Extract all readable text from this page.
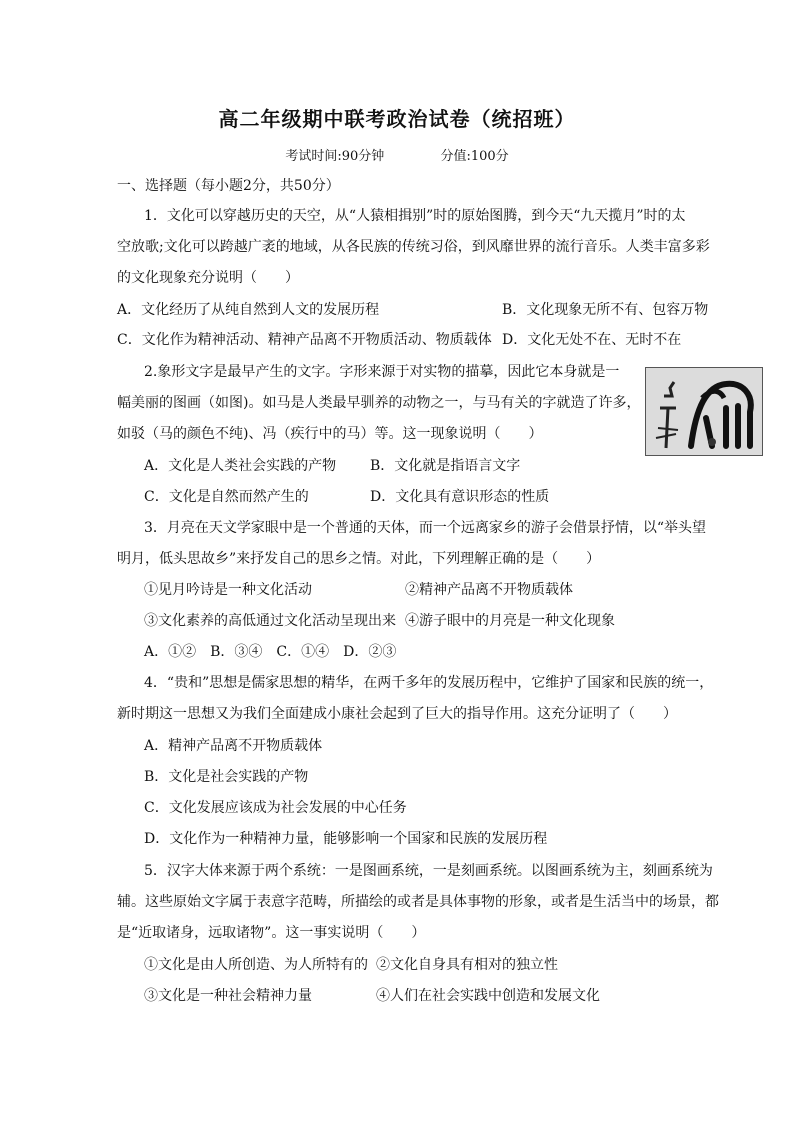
高二年级期中联考政治试卷（统招班）
考试时间:90分钟	分值:100分
一、选择题（每小题2分，共50分）
1．文化可以穿越历史的天空，从“人猿相揖别”时的原始图腾，到今天“九天揽月”时的太
空放歌;文化可以跨越广袤的地域，从各民族的传统习俗，到风靡世界的流行音乐。人类丰富多彩
的文化现象充分说明（　　）
A．文化经历了从纯自然到人文的发展历程	B．文化现象无所不有、包容万物
C．文化作为精神活动、精神产品离不开物质活动、物质载体 D．文化无处不在、无时不在
2.象形文字是最早产生的文字。字形来源于对实物的描摹，因此它本身就是一
幅美丽的图画（如图)。如马是人类最早驯养的动物之一，与马有关的字就造了许多，
如驳（马的颜色不纯)、冯（疾行中的马）等。这一现象说明（　　）
A．文化是人类社会实践的产物 B．文化就是指语言文字
C．文化是自然而然产生的	D．文化具有意识形态的性质
3．月亮在天文学家眼中是一个普通的天体，而一个远离家乡的游子会借景抒情，以“举头望
明月，低头思故乡”来抒发自己的思乡之情。对此，下列理解正确的是（　　）
①见月吟诗是一种文化活动	②精神产品离不开物质载体
③文化素养的高低通过文化活动呈现出来 ④游子眼中的月亮是一种文化现象
A．①②　B．③④　C．①④　D．②③
4．“贵和”思想是儒家思想的精华，在两千多年的发展历程中，它维护了国家和民族的统一，
新时期这一思想又为我们全面建成小康社会起到了巨大的指导作用。这充分证明了（　　）
A．精神产品离不开物质载体
B．文化是社会实践的产物
C．文化发展应该成为社会发展的中心任务
D．文化作为一种精神力量，能够影响一个国家和民族的发展历程
5．汉字大体来源于两个系统：一是图画系统，一是刻画系统。以图画系统为主，刻画系统为
辅。这些原始文字属于表意字范畴，所描绘的或者是具体事物的形象，或者是生活当中的场景，都
是“近取诸身，远取诸物”。这一事实说明（　　）
①文化是由人所创造、为人所特有的 ②文化自身具有相对的独立性
③文化是一种社会精神力量	④人们在社会实践中创造和发展文化
